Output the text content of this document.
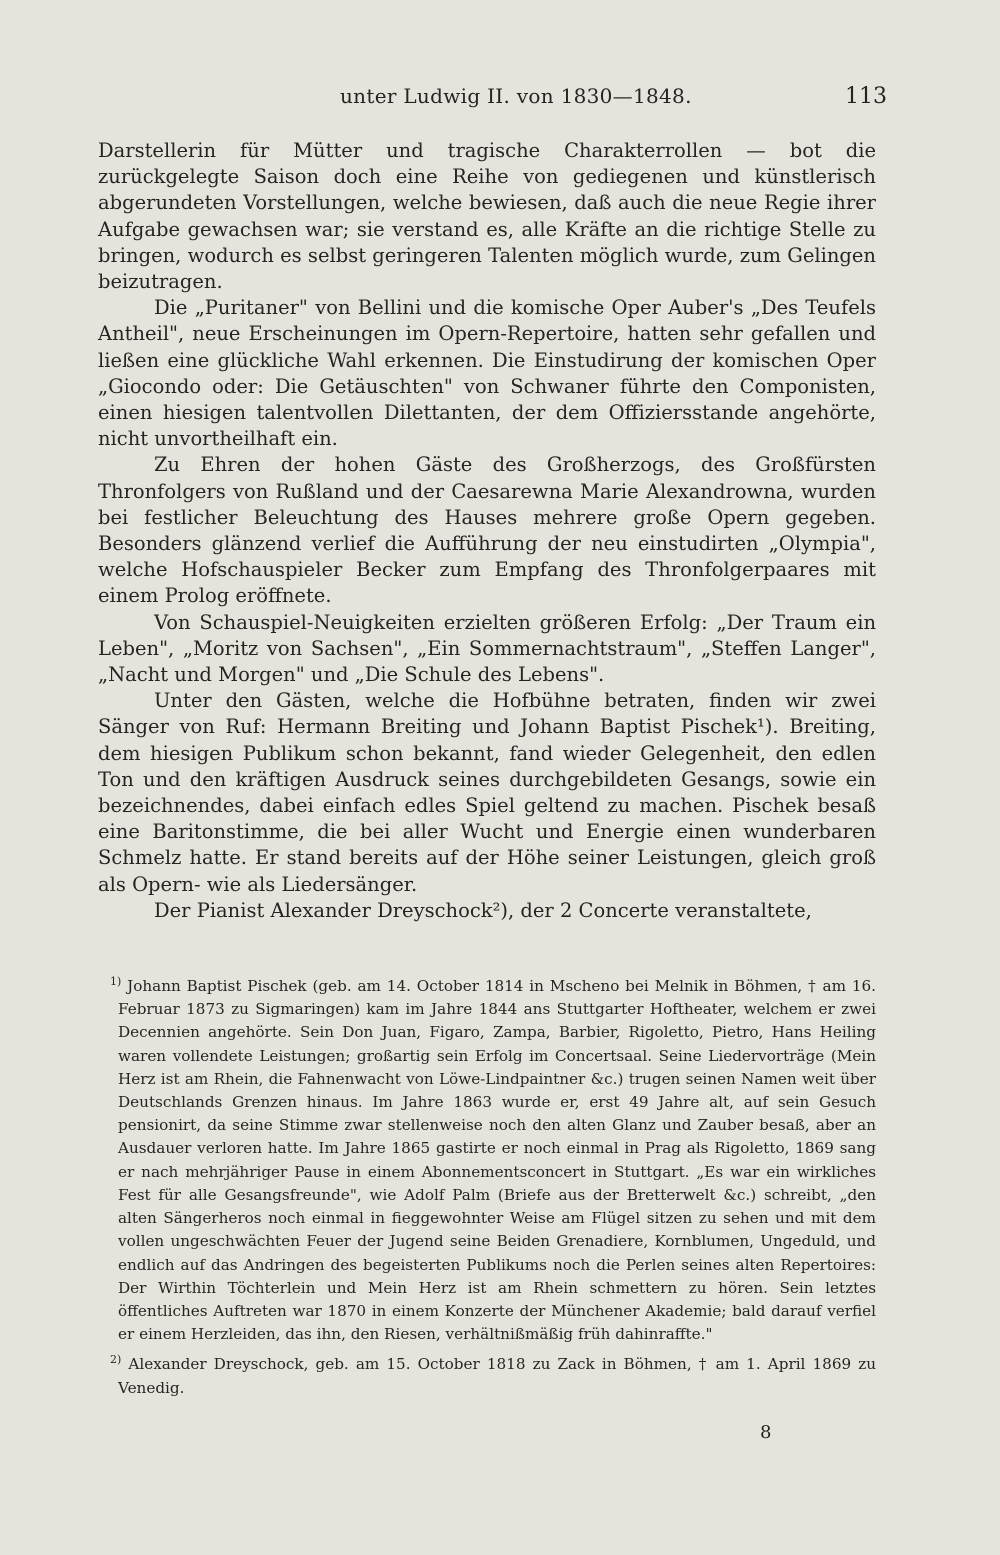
unter Ludwig II. von 1830—1848.	113

Darstellerin für Mütter und tragische Charakterrollen — bot die zurückgelegte Saison doch eine Reihe von gediegenen und künstlerisch abgerundeten Vorstellungen, welche bewiesen, daß auch die neue Regie ihrer Aufgabe gewachsen war; sie verstand es, alle Kräfte an die richtige Stelle zu bringen, wodurch es selbst geringeren Talenten möglich wurde, zum Gelingen beizutragen.

Die „Puritaner" von Bellini und die komische Oper Auber's „Des Teufels Antheil", neue Erscheinungen im Opern-Repertoire, hatten sehr gefallen und ließen eine glückliche Wahl erkennen. Die Einstudirung der komischen Oper „Giocondo oder: Die Getäuschten" von Schwaner führte den Componisten, einen hiesigen talentvollen Dilettanten, der dem Offiziersstande angehörte, nicht unvortheilhaft ein.

Zu Ehren der hohen Gäste des Großherzogs, des Großfürsten Thronfolgers von Rußland und der Caesarewna Marie Alexandrowna, wurden bei festlicher Beleuchtung des Hauses mehrere große Opern gegeben. Besonders glänzend verlief die Aufführung der neu einstudirten „Olympia", welche Hofschauspieler Becker zum Empfang des Thronfolgerpaares mit einem Prolog eröffnete.

Von Schauspiel-Neuigkeiten erzielten größeren Erfolg: „Der Traum ein Leben", „Moritz von Sachsen", „Ein Sommernachtstraum", „Steffen Langer", „Nacht und Morgen" und „Die Schule des Lebens".

Unter den Gästen, welche die Hofbühne betraten, finden wir zwei Sänger von Ruf: Hermann Breiting und Johann Baptist Pischek¹). Breiting, dem hiesigen Publikum schon bekannt, fand wieder Gelegenheit, den edlen Ton und den kräftigen Ausdruck seines durchgebildeten Gesangs, sowie ein bezeichnendes, dabei einfach edles Spiel geltend zu machen. Pischek besaß eine Baritonstimme, die bei aller Wucht und Energie einen wunderbaren Schmelz hatte. Er stand bereits auf der Höhe seiner Leistungen, gleich groß als Opern- wie als Liedersänger.

Der Pianist Alexander Dreyschock²), der 2 Concerte veranstaltete,

$^{1)}$ Johann Baptist Pischek (geb. am 14. October 1814 in Mscheno bei Melnik in Böhmen, † am 16. Februar 1873 zu Sigmaringen) kam im Jahre 1844 ans Stuttgarter Hoftheater, welchem er zwei Decennien angehörte. Sein Don Juan, Figaro, Zampa, Barbier, Rigoletto, Pietro, Hans Heiling waren vollendete Leistungen; großartig sein Erfolg im Concertsaal. Seine Liedervorträge (Mein Herz ist am Rhein, die Fahnenwacht von Löwe-Lindpaintner &c.) trugen seinen Namen weit über Deutschlands Grenzen hinaus. Im Jahre 1863 wurde er, erst 49 Jahre alt, auf sein Gesuch pensionirt, da seine Stimme zwar stellenweise noch den alten Glanz und Zauber besaß, aber an Ausdauer verloren hatte. Im Jahre 1865 gastirte er noch einmal in Prag als Rigoletto, 1869 sang er nach mehrjähriger Pause in einem Abonnementsconcert in Stuttgart. „Es war ein wirkliches Fest für alle Gesangsfreunde", wie Adolf Palm (Briefe aus der Bretterwelt &c.) schreibt, „den alten Sängerheros noch einmal in fieggewohnter Weise am Flügel sitzen zu sehen und mit dem vollen ungeschwächten Feuer der Jugend seine Beiden Grenadiere, Kornblumen, Ungeduld, und endlich auf das Andringen des begeisterten Publikums noch die Perlen seines alten Repertoires: Der Wirthin Töchterlein und Mein Herz ist am Rhein schmettern zu hören. Sein letztes öffentliches Auftreten war 1870 in einem Konzerte der Münchener Akademie; bald darauf verfiel er einem Herzleiden, das ihn, den Riesen, verhältnißmäßig früh dahinraffte."

$^{2)}$ Alexander Dreyschock, geb. am 15. October 1818 zu Zack in Böhmen, † am 1. April 1869 zu Venedig.

8
